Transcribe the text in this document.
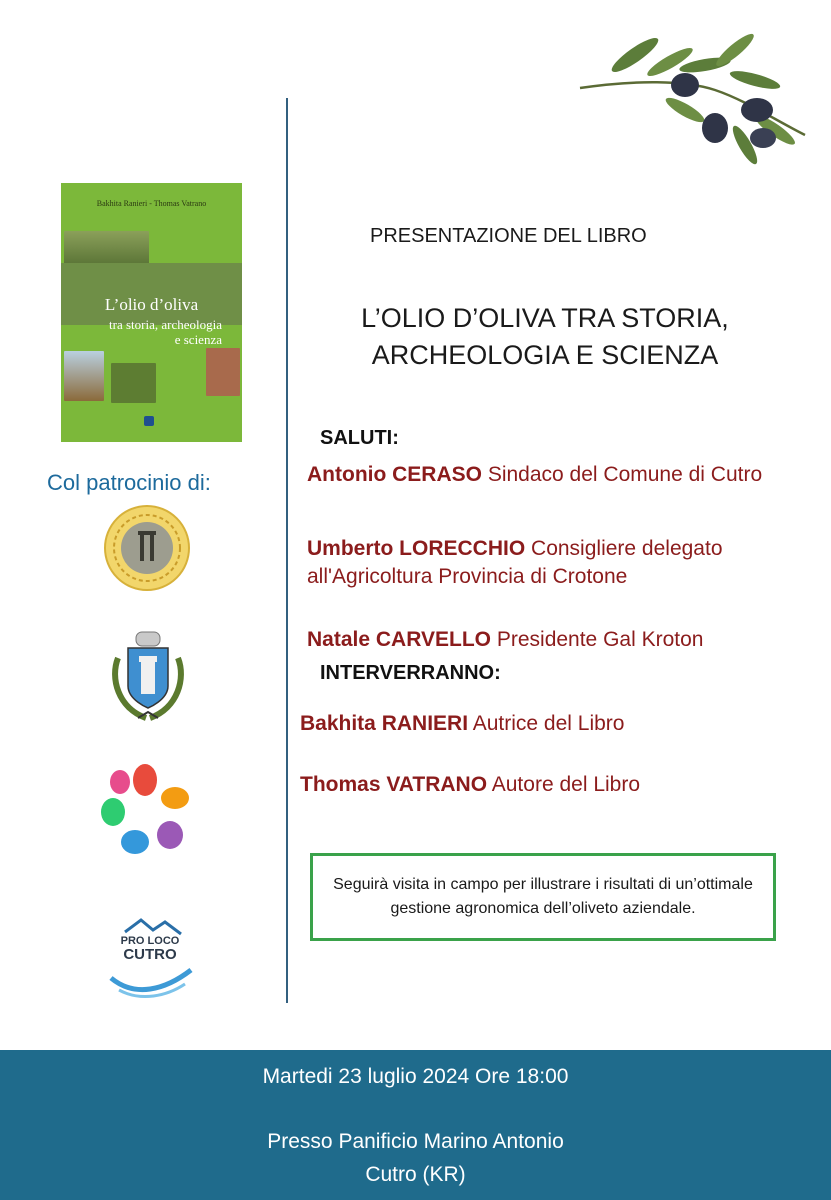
Bakhita Ranieri - Thomas Vatrano
L’olio d’oliva
tra storia, archeologia
e scienza
Col patrocinio di:
PRO LOCO
CUTRO
PRESENTAZIONE DEL LIBRO
L’OLIO D’OLIVA TRA STORIA,
ARCHEOLOGIA E SCIENZA
SALUTI:
Antonio CERASO Sindaco del Comune di Cutro
Umberto LORECCHIO Consigliere delegato all'Agricoltura Provincia di Crotone
Natale CARVELLO Presidente Gal Kroton
INTERVERRANNO:
Bakhita RANIERI Autrice del Libro
Thomas VATRANO Autore del Libro
Seguirà visita in campo per illustrare i risultati di un’ottimale gestione agronomica dell’oliveto aziendale.
Martedi 23 luglio 2024 Ore 18:00
Presso Panificio Marino Antonio
Cutro (KR)
